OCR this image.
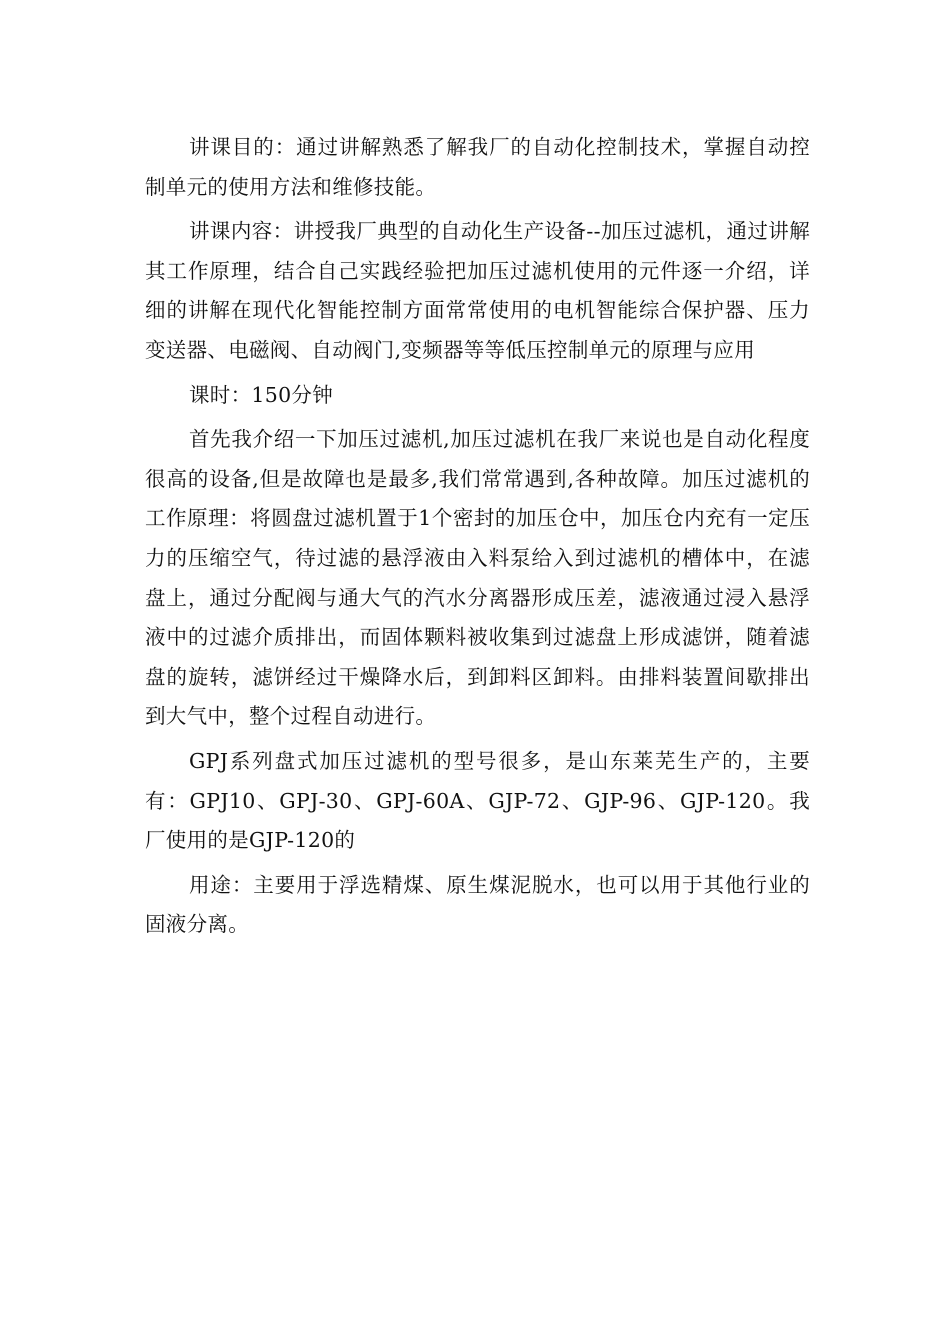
讲课目的：通过讲解熟悉了解我厂的自动化控制技术，掌握自动控制单元的使用方法和维修技能。

讲课内容：讲授我厂典型的自动化生产设备--加压过滤机，通过讲解其工作原理，结合自己实践经验把加压过滤机使用的元件逐一介绍，详细的讲解在现代化智能控制方面常常使用的电机智能综合保护器、压力变送器、电磁阀、自动阀门,变频器等等低压控制单元的原理与应用

课时：150分钟

首先我介绍一下加压过滤机,加压过滤机在我厂来说也是自动化程度很高的设备,但是故障也是最多,我们常常遇到,各种故障。加压过滤机的工作原理：将圆盘过滤机置于1个密封的加压仓中，加压仓内充有一定压力的压缩空气，待过滤的悬浮液由入料泵给入到过滤机的槽体中，在滤盘上，通过分配阀与通大气的汽水分离器形成压差，滤液通过浸入悬浮液中的过滤介质排出，而固体颗料被收集到过滤盘上形成滤饼，随着滤盘的旋转，滤饼经过干燥降水后，到卸料区卸料。由排料装置间歇排出到大气中，整个过程自动进行。

GPJ系列盘式加压过滤机的型号很多，是山东莱芜生产的，主要有：GPJ10、GPJ-30、GPJ-60A、GJP-72、GJP-96、GJP-120。我厂使用的是GJP-120的

用途：主要用于浮选精煤、原生煤泥脱水，也可以用于其他行业的固液分离。
